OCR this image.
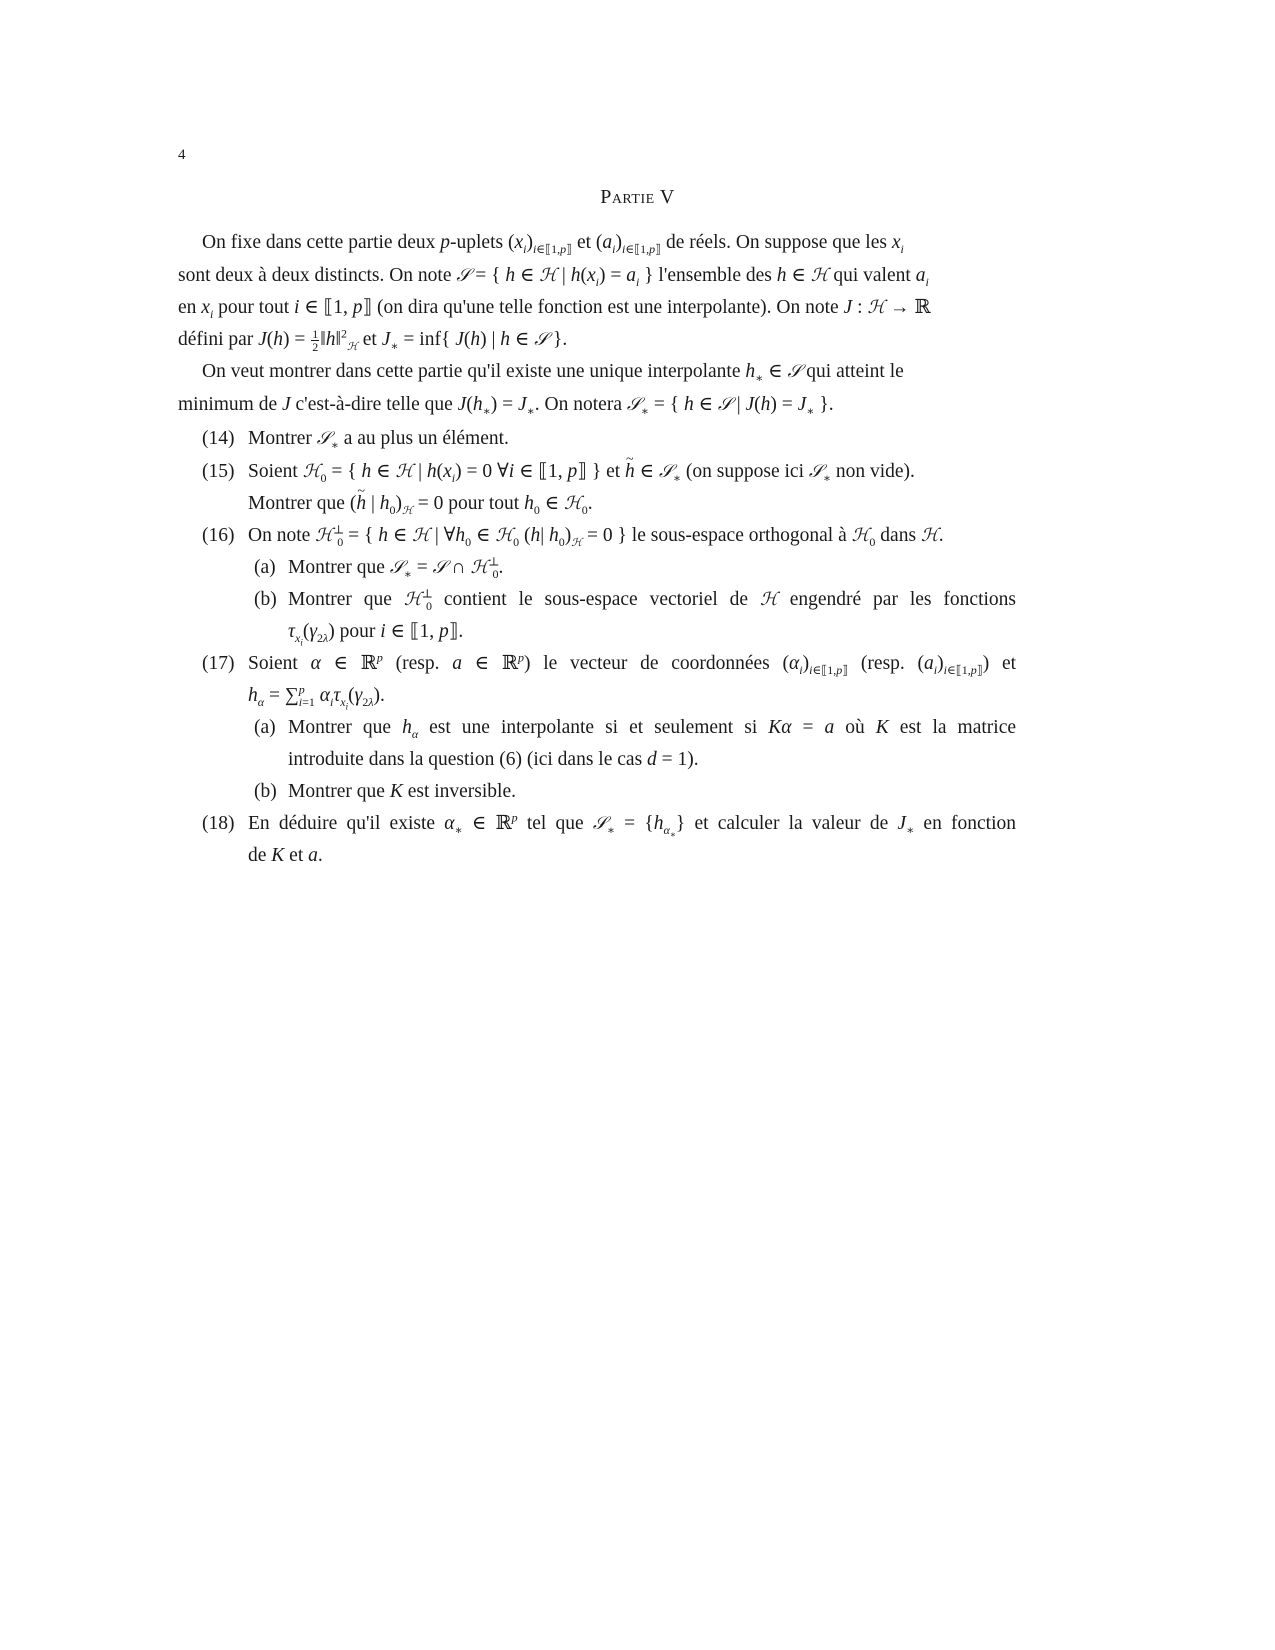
4
Partie V
On fixe dans cette partie deux p-uplets $(x_i)_{i\in⟦1,p⟧}$ et $(a_i)_{i\in⟦1,p⟧}$ de réels. On suppose que les $x_i$
sont deux à deux distincts. On note 𝒮 = { h ∈ ℋ | $h(x_i) = a_i$ } l'ensemble des h ∈ ℋ qui valent $a_i$
en $x_i$ pour tout i ∈ ⟦1, p⟧ (on dira qu'une telle fonction est une interpolante). On note J : ℋ → ℝ
défini par $J(h) = \frac{1}{2}$ ‖h‖$^2_ℋ$ et $J_∗ = inf${ J(h) | h ∈ 𝒮 }.
On veut montrer dans cette partie qu'il existe une unique interpolante $h_∗$ ∈ 𝒮 qui atteint le
minimum de J c'est-à-dire telle que $J(h_∗) = J_∗$. On notera 𝒮$_∗$ = { h ∈ 𝒮 | $J(h) = J_∗$ }.
(14) Montrer 𝒮$_∗$ a au plus un élément.
(15) Soient ℋ$_0$ = { h ∈ ℋ | $h(x_i) = 0$ ∀i ∈ ⟦1, p⟧ } et ~ h ∈ 𝒮$_∗$ (on suppose ici 𝒮$_∗$ non vide).
Montrer que (~ h | $h_0)_ℋ = 0$ pour tout $h_0$ ∈ ℋ$_0$.
(16) On note ℋ⊥$_0$ = { h ∈ ℋ | $\forall h_0$ ∈ ℋ$_0$ (h| $h_0)_ℋ = 0$ } le sous-espace orthogonal à ℋ$_0$ dans ℋ.
(a) Montrer que 𝒮$_∗$ = 𝒮 ∩ ℋ⊥$_0$.
(b) Montrer que ℋ⊥$_0$ contient le sous-espace vectoriel de ℋ engendré par les fonctions
$\tau_{x_i}(\gamma_{2\lambda})$ pour i ∈ ⟦1, p⟧.
(17) Soient α ∈ ℝ$^p$ (resp. a ∈ ℝ$^p$) le vecteur de coordonnées $(\alpha_i)_{i\in⟦1,p⟧}$ (resp. $(a_i)_{i\in⟦1,p⟧}$) et
$h_\alpha = \sum^p_{i=1}$ $\alpha_i\tau_{x_i}(\gamma_{2\lambda})$.
(a) Montrer que $h_\alpha$ est une interpolante si et seulement si Kα = a où K est la matrice
introduite dans la question (6) (ici dans le cas d = 1).
(b) Montrer que K est inversible.
(18) En déduire qu'il existe $\alpha_∗$ ∈ ℝ$^p$ tel que 𝒮$_∗$ = $\{h_{\alpha_∗}\}$ et calculer la valeur de $J_∗$ en fonction
de K et a.
